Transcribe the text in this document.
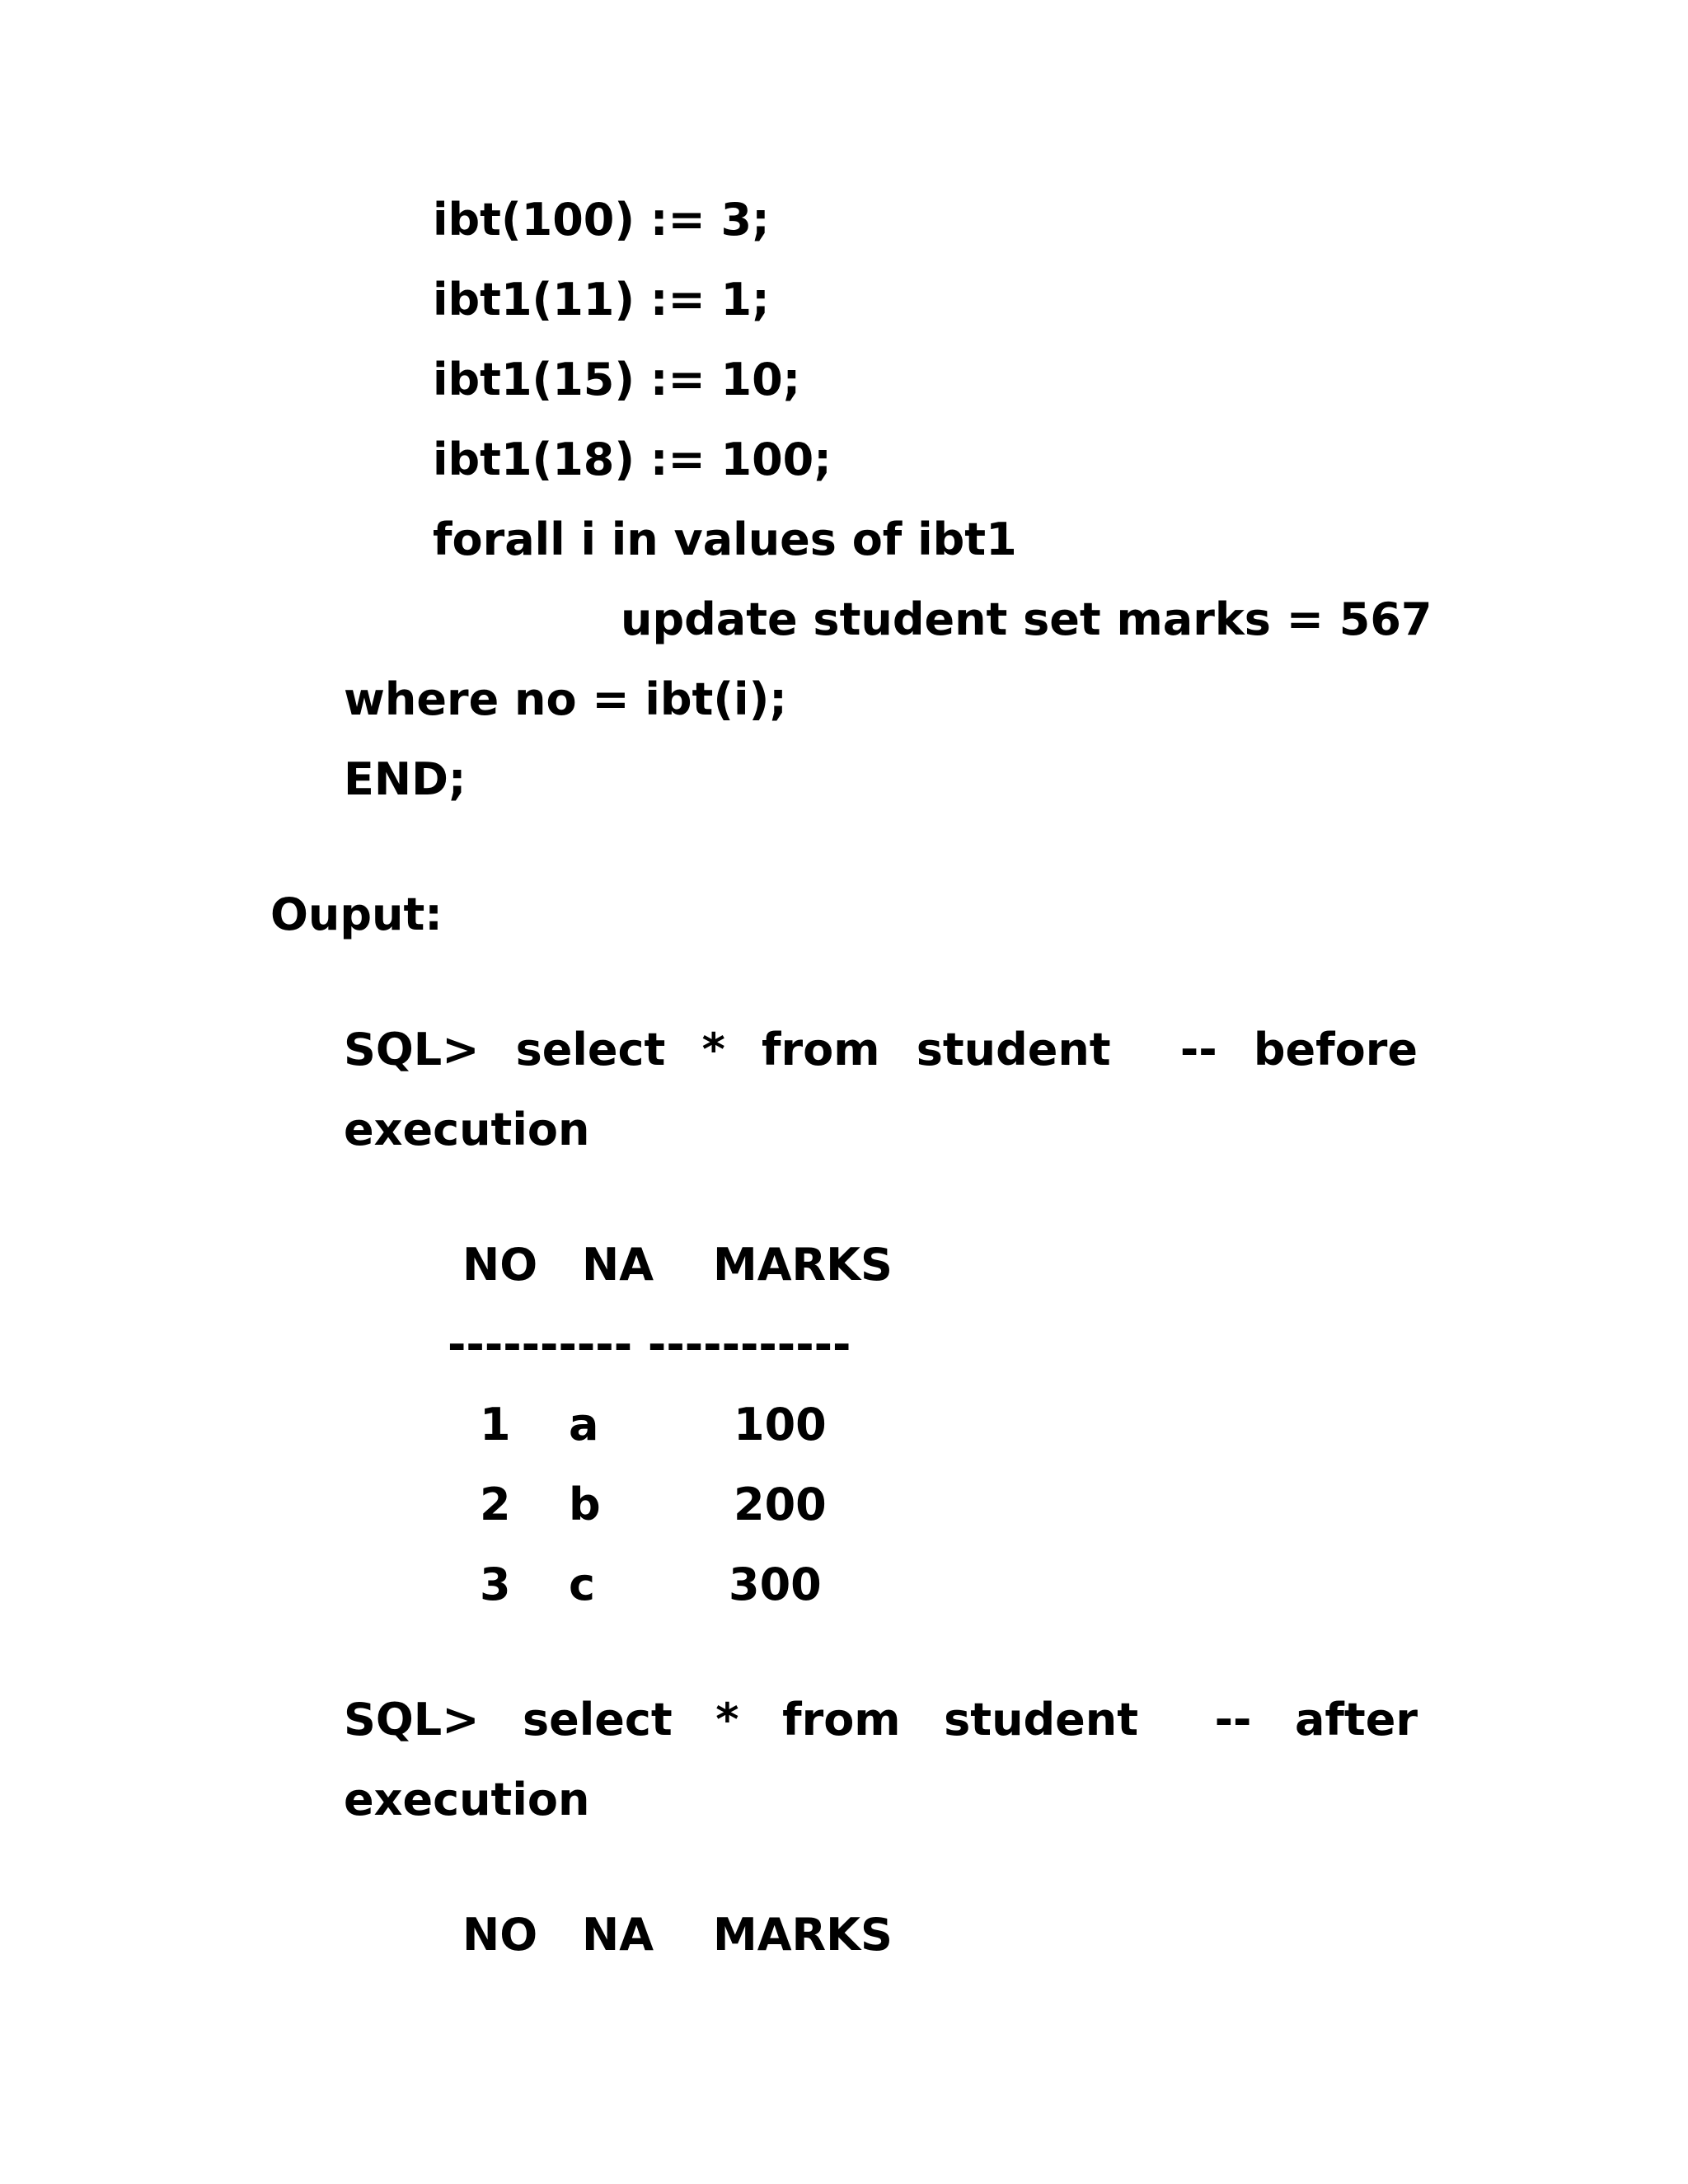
ibt(100) := 3;
ibt1(11) := 1;
ibt1(15) := 10;
ibt1(18) := 100;
forall i in values of ibt1
update student set marks = 567
where no = ibt(i);
END;
Ouput:
SQL> select * from student -- before
execution
NO NA MARKS
---------- -----------
1 a	100
2 b	200
3 c	300
SQL> select * from student -- after
execution
NO NA MARKS
